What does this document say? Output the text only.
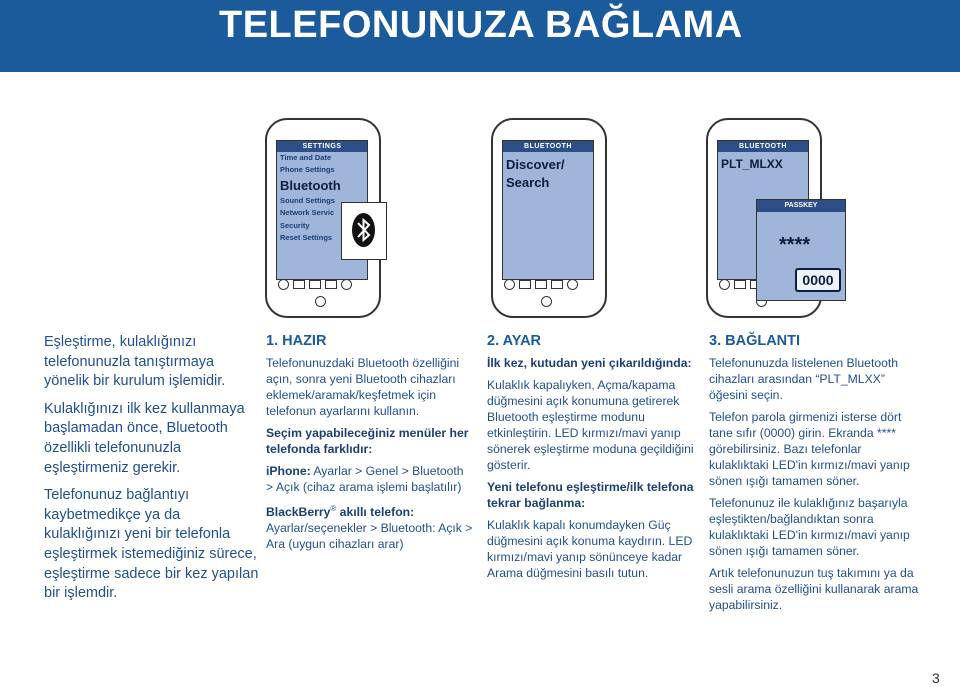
TELEFONUNUZA BAĞLAMA
SETTINGS
Time and Date
Phone Settings
Bluetooth
Sound Settings
Network Servic
Security
Reset Settings
BLUETOOTH
Discover/
Search
BLUETOOTH
PLT_MLXX
PASSKEY
****
0000

Eşleştirme, kulaklığınızı telefonunuzla tanıştırmaya yönelik bir kurulum işlemidir.

Kulaklığınızı ilk kez kullanmaya başlamadan önce, Bluetooth özellikli telefonunuzla eşleştirmeniz gerekir.

Telefonunuz bağlantıyı kaybetmedikçe ya da kulaklığınızı yeni bir telefonla eşleştirmek istemediğiniz sürece, eşleştirme sadece bir kez yapılan bir işlemdir.

1. HAZIR

Telefonunuzdaki Bluetooth özelliğini açın, sonra yeni Bluetooth cihazları eklemek/aramak/keşfetmek için telefonun ayarlarını kullanın.

Seçim yapabileceğiniz menüler her telefonda farklıdır:

iPhone: Ayarlar > Genel > Bluetooth > Açık (cihaz arama işlemi başlatılır)

BlackBerry® akıllı telefon:
Ayarlar/seçenekler > Bluetooth: Açık > Ara (uygun cihazları arar)

2. AYAR

İlk kez, kutudan yeni çıkarıldığında:

Kulaklık kapalıyken, Açma/kapama düğmesini açık konumuna getirerek Bluetooth eşleştirme modunu etkinleştirin. LED kırmızı/mavi yanıp sönerek eşleştirme moduna geçildiğini gösterir.

Yeni telefonu eşleştirme/ilk telefona tekrar bağlanma:

Kulaklık kapalı konumdayken Güç düğmesini açık konuma kaydırın. LED kırmızı/mavi yanıp sönünceye kadar Arama düğmesini basılı tutun.

3. BAĞLANTI

Telefonunuzda listelenen Bluetooth cihazları arasından “PLT_MLXX” öğesini seçin.

Telefon parola girmenizi isterse dört tane sıfır (0000) girin. Ekranda **** görebilirsiniz. Bazı telefonlar kulaklıktaki LED'in kırmızı/mavi yanıp sönen ışığı tamamen söner.

Telefonunuz ile kulaklığınız başarıyla eşleştikten/bağlandıktan sonra kulaklıktaki LED'in kırmızı/mavi yanıp sönen ışığı tamamen söner.

Artık telefonunuzun tuş takımını ya da sesli arama özelliğini kullanarak arama yapabilirsiniz.

3
